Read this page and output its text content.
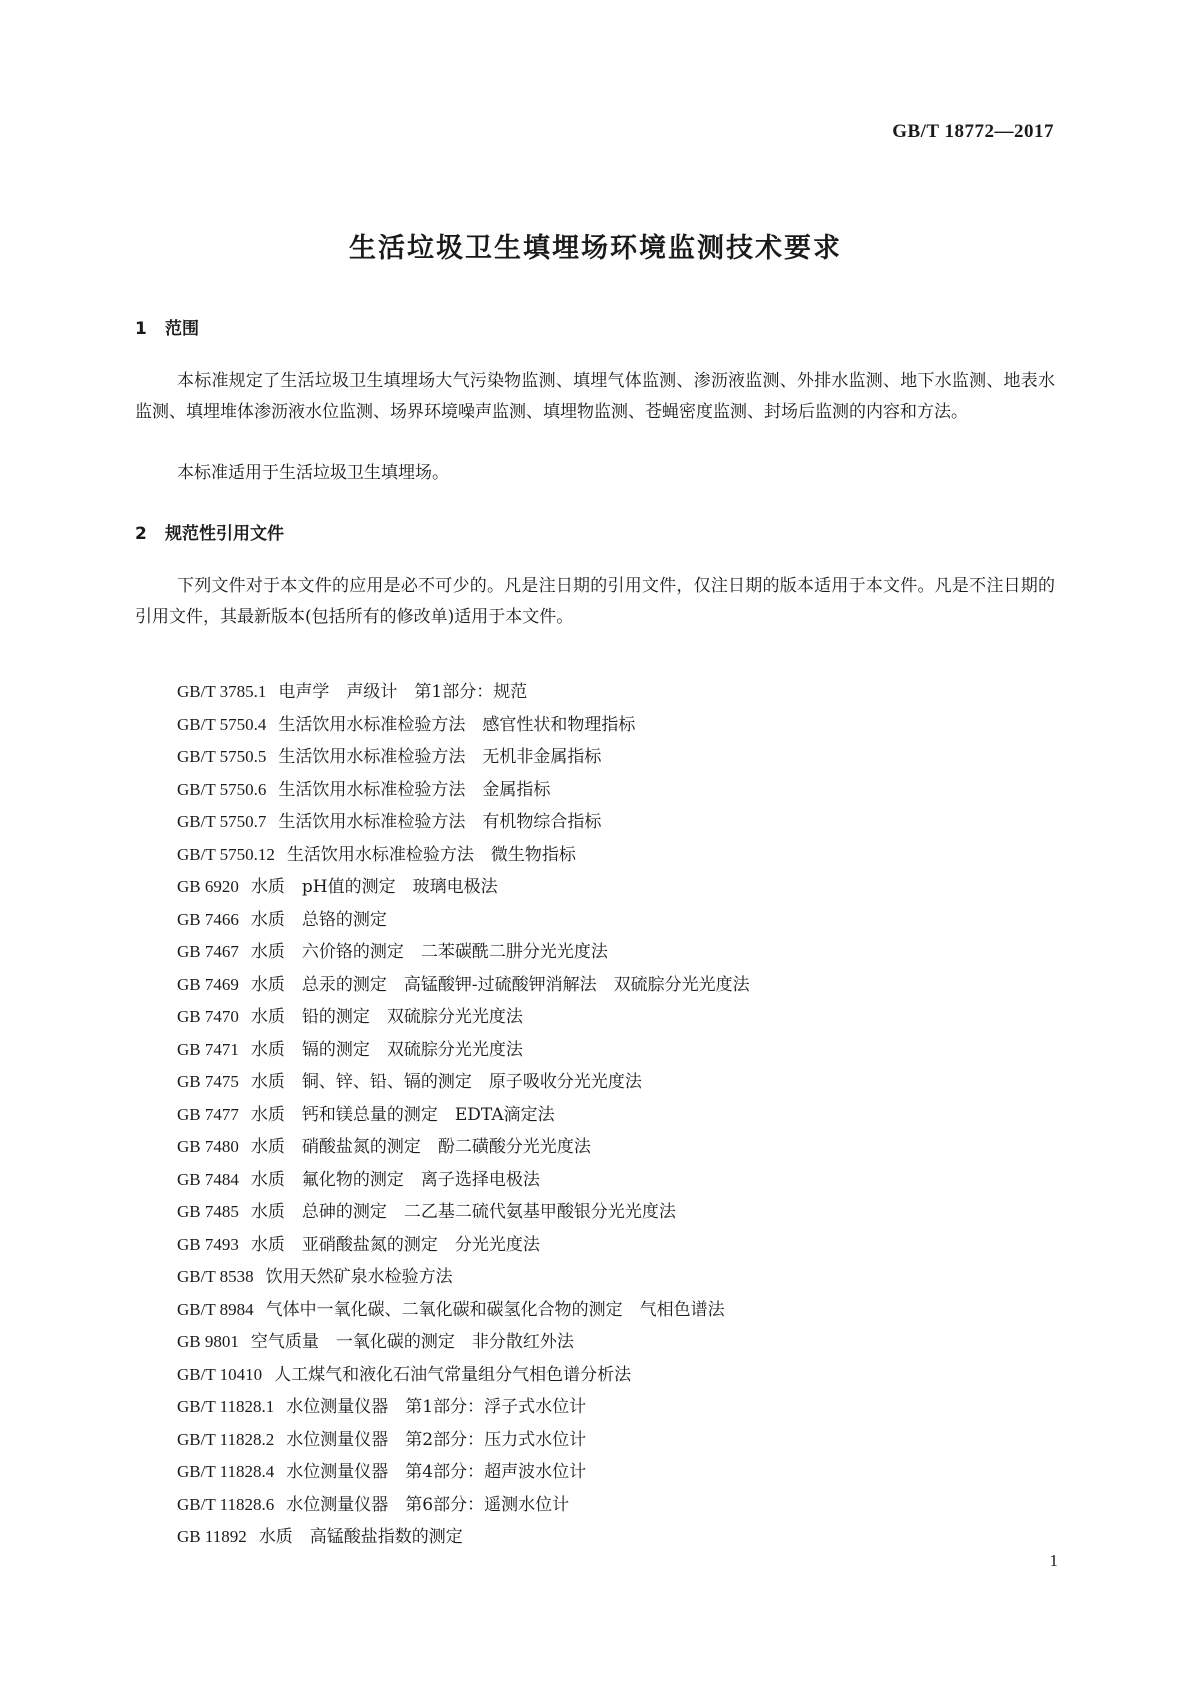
GB/T 18772—2017
生活垃圾卫生填埋场环境监测技术要求
1 范围
本标准规定了生活垃圾卫生填埋场大气污染物监测、填埋气体监测、渗沥液监测、外排水监测、地下水监测、地表水监测、填埋堆体渗沥液水位监测、场界环境噪声监测、填埋物监测、苍蝇密度监测、封场后监测的内容和方法。
本标准适用于生活垃圾卫生填埋场。
2 规范性引用文件
下列文件对于本文件的应用是必不可少的。凡是注日期的引用文件，仅注日期的版本适用于本文件。凡是不注日期的引用文件，其最新版本(包括所有的修改单)适用于本文件。
GB/T 3785.1 电声学　声级计　第1部分：规范
GB/T 5750.4 生活饮用水标准检验方法　感官性状和物理指标
GB/T 5750.5 生活饮用水标准检验方法　无机非金属指标
GB/T 5750.6 生活饮用水标准检验方法　金属指标
GB/T 5750.7 生活饮用水标准检验方法　有机物综合指标
GB/T 5750.12 生活饮用水标准检验方法　微生物指标
GB 6920 水质　pH值的测定　玻璃电极法
GB 7466 水质　总铬的测定
GB 7467 水质　六价铬的测定　二苯碳酰二肼分光光度法
GB 7469 水质　总汞的测定　高锰酸钾-过硫酸钾消解法　双硫腙分光光度法
GB 7470 水质　铅的测定　双硫腙分光光度法
GB 7471 水质　镉的测定　双硫腙分光光度法
GB 7475 水质　铜、锌、铅、镉的测定　原子吸收分光光度法
GB 7477 水质　钙和镁总量的测定　EDTA滴定法
GB 7480 水质　硝酸盐氮的测定　酚二磺酸分光光度法
GB 7484 水质　氟化物的测定　离子选择电极法
GB 7485 水质　总砷的测定　二乙基二硫代氨基甲酸银分光光度法
GB 7493 水质　亚硝酸盐氮的测定　分光光度法
GB/T 8538 饮用天然矿泉水检验方法
GB/T 8984 气体中一氧化碳、二氧化碳和碳氢化合物的测定　气相色谱法
GB 9801 空气质量　一氧化碳的测定　非分散红外法
GB/T 10410 人工煤气和液化石油气常量组分气相色谱分析法
GB/T 11828.1 水位测量仪器　第1部分：浮子式水位计
GB/T 11828.2 水位测量仪器　第2部分：压力式水位计
GB/T 11828.4 水位测量仪器　第4部分：超声波水位计
GB/T 11828.6 水位测量仪器　第6部分：遥测水位计
GB 11892 水质　高锰酸盐指数的测定
1
